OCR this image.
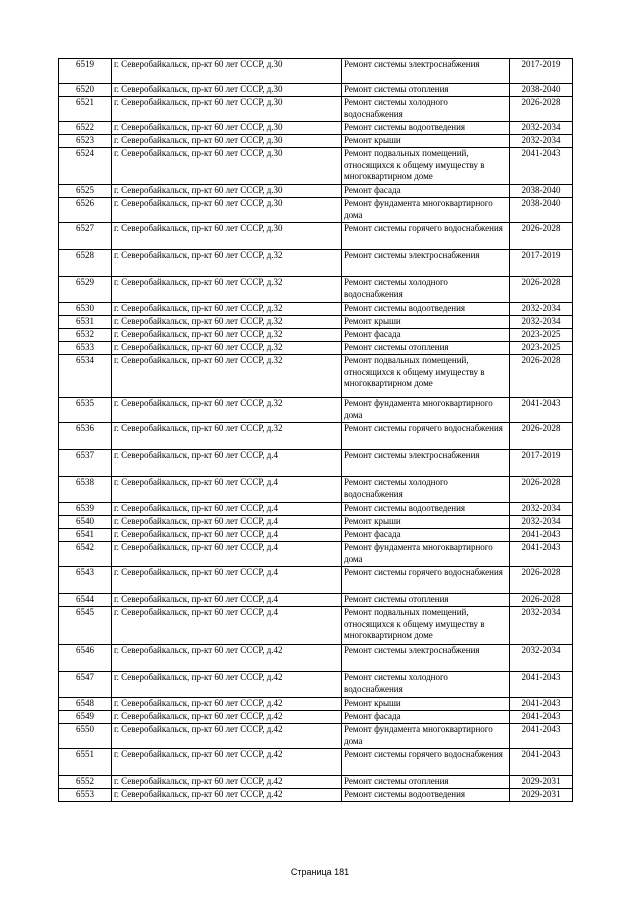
6519	г. Северобайкальск, пр-кт 60 лет СССР, д.30	Ремонт системы электроснабжения	2017-2019
6520	г. Северобайкальск, пр-кт 60 лет СССР, д.30	Ремонт системы отопления	2038-2040
6521	г. Северобайкальск, пр-кт 60 лет СССР, д.30	Ремонт системы холодного водоснабжения	2026-2028
6522	г. Северобайкальск, пр-кт 60 лет СССР, д.30	Ремонт системы водоотведения	2032-2034
6523	г. Северобайкальск, пр-кт 60 лет СССР, д.30	Ремонт крыши	2032-2034
6524	г. Северобайкальск, пр-кт 60 лет СССР, д.30	Ремонт подвальных помещений, относящихся к общему имуществу в многоквартирном доме	2041-2043
6525	г. Северобайкальск, пр-кт 60 лет СССР, д.30	Ремонт фасада	2038-2040
6526	г. Северобайкальск, пр-кт 60 лет СССР, д.30	Ремонт фундамента многоквартирного дома	2038-2040
6527	г. Северобайкальск, пр-кт 60 лет СССР, д.30	Ремонт системы горячего водоснабжения	2026-2028
6528	г. Северобайкальск, пр-кт 60 лет СССР, д.32	Ремонт системы электроснабжения	2017-2019
6529	г. Северобайкальск, пр-кт 60 лет СССР, д.32	Ремонт системы холодного водоснабжения	2026-2028
6530	г. Северобайкальск, пр-кт 60 лет СССР, д.32	Ремонт системы водоотведения	2032-2034
6531	г. Северобайкальск, пр-кт 60 лет СССР, д.32	Ремонт крыши	2032-2034
6532	г. Северобайкальск, пр-кт 60 лет СССР, д.32	Ремонт фасада	2023-2025
6533	г. Северобайкальск, пр-кт 60 лет СССР, д.32	Ремонт системы отопления	2023-2025
6534	г. Северобайкальск, пр-кт 60 лет СССР, д.32	Ремонт подвальных помещений, относящихся к общему имуществу в многоквартирном доме	2026-2028
6535	г. Северобайкальск, пр-кт 60 лет СССР, д.32	Ремонт фундамента многоквартирного дома	2041-2043
6536	г. Северобайкальск, пр-кт 60 лет СССР, д.32	Ремонт системы горячего водоснабжения	2026-2028
6537	г. Северобайкальск, пр-кт 60 лет СССР, д.4	Ремонт системы электроснабжения	2017-2019
6538	г. Северобайкальск, пр-кт 60 лет СССР, д.4	Ремонт системы холодного водоснабжения	2026-2028
6539	г. Северобайкальск, пр-кт 60 лет СССР, д.4	Ремонт системы водоотведения	2032-2034
6540	г. Северобайкальск, пр-кт 60 лет СССР, д.4	Ремонт крыши	2032-2034
6541	г. Северобайкальск, пр-кт 60 лет СССР, д.4	Ремонт фасада	2041-2043
6542	г. Северобайкальск, пр-кт 60 лет СССР, д.4	Ремонт фундамента многоквартирного дома	2041-2043
6543	г. Северобайкальск, пр-кт 60 лет СССР, д.4	Ремонт системы горячего водоснабжения	2026-2028
6544	г. Северобайкальск, пр-кт 60 лет СССР, д.4	Ремонт системы отопления	2026-2028
6545	г. Северобайкальск, пр-кт 60 лет СССР, д.4	Ремонт подвальных помещений, относящихся к общему имуществу в многоквартирном доме	2032-2034
6546	г. Северобайкальск, пр-кт 60 лет СССР, д.42	Ремонт системы электроснабжения	2032-2034
6547	г. Северобайкальск, пр-кт 60 лет СССР, д.42	Ремонт системы холодного водоснабжения	2041-2043
6548	г. Северобайкальск, пр-кт 60 лет СССР, д.42	Ремонт крыши	2041-2043
6549	г. Северобайкальск, пр-кт 60 лет СССР, д.42	Ремонт фасада	2041-2043
6550	г. Северобайкальск, пр-кт 60 лет СССР, д.42	Ремонт фундамента многоквартирного дома	2041-2043
6551	г. Северобайкальск, пр-кт 60 лет СССР, д.42	Ремонт системы горячего водоснабжения	2041-2043
6552	г. Северобайкальск, пр-кт 60 лет СССР, д.42	Ремонт системы отопления	2029-2031
6553	г. Северобайкальск, пр-кт 60 лет СССР, д.42	Ремонт системы водоотведения	2029-2031
Страница 181
